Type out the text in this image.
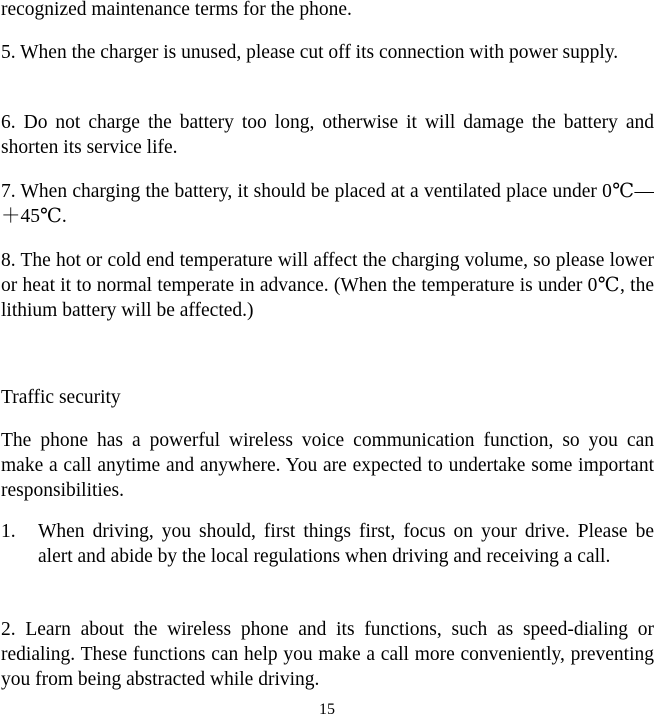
recognized maintenance terms for the phone.

5. When the charger is unused, please cut off its connection with power supply.

6. Do not charge the battery too long, otherwise it will damage the battery and shorten its service life.

7. When charging the battery, it should be placed at a ventilated place under 0℃—＋45℃.

8. The hot or cold end temperature will affect the charging volume, so please lower or heat it to normal temperate in advance. (When the temperature is under 0℃, the lithium battery will be affected.)

Traffic security

The phone has a powerful wireless voice communication function, so you can make a call anytime and anywhere. You are expected to undertake some important responsibilities.

1.	When driving, you should, first things first, focus on your drive. Please be alert and abide by the local regulations when driving and receiving a call.

2. Learn about the wireless phone and its functions, such as speed-dialing or redialing. These functions can help you make a call more conveniently, preventing you from being abstracted while driving.

15
